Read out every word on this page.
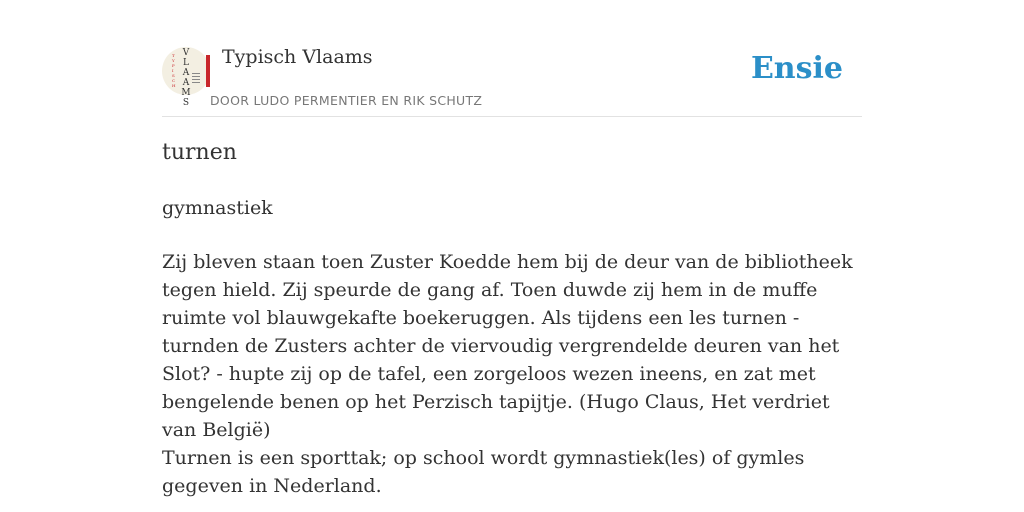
T
Y
P
I
S
C
H
V
L
A
A
M
S
Typisch Vlaams
DOOR LUDO PERMENTIER EN RIK SCHUTZ
Ensie
turnen

gymnastiek

Zij bleven staan toen Zuster Koedde hem bij de deur van de bibliotheek tegen hield. Zij speurde de gang af. Toen duwde zij hem in de muffe ruimte vol blauwgekafte boekeruggen. Als tijdens een les turnen - turnden de Zusters achter de viervoudig vergrendelde deuren van het Slot? - hupte zij op de tafel, een zorgeloos wezen ineens, en zat met bengelende benen op het Perzisch tapijtje. (Hugo Claus, Het verdriet van België)

Turnen is een sporttak; op school wordt gymnastiek(les) of gymles gegeven in Nederland.
